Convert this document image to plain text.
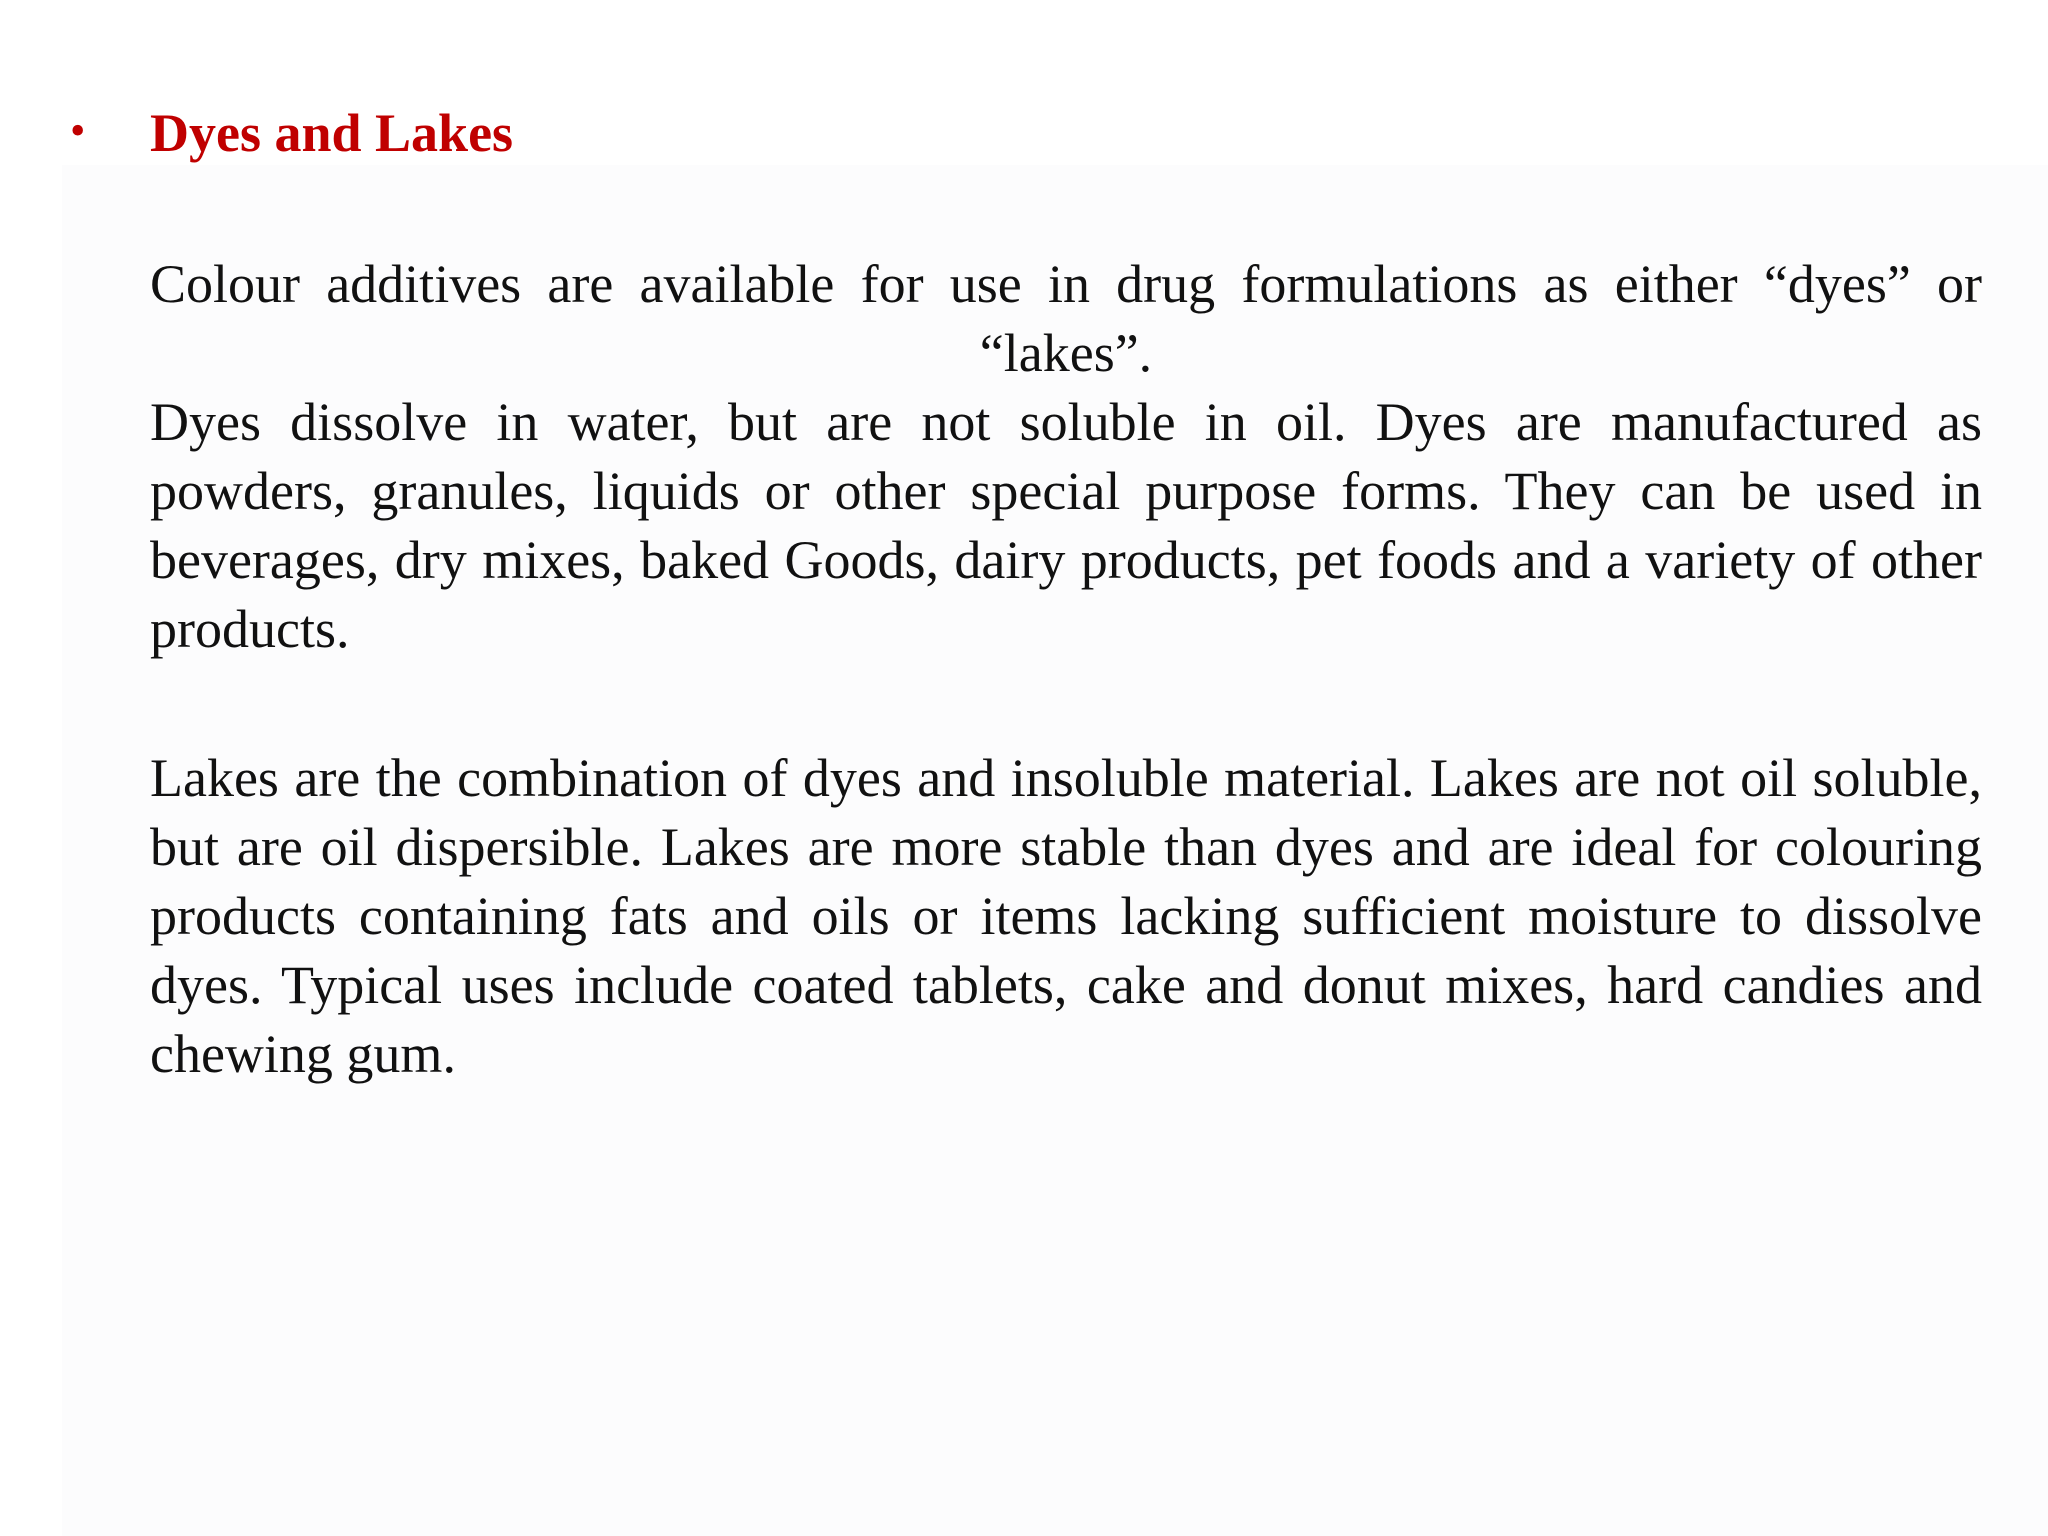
•	Dyes and Lakes

Colour additives are available for use in drug formulations as either “dyes” or “lakes”.

Dyes dissolve in water, but are not soluble in oil. Dyes are manufactured as powders, granules, liquids or other special purpose forms. They can be used in beverages, dry mixes, baked Goods, dairy products, pet foods and a variety of other products.

Lakes are the combination of dyes and insoluble material. Lakes are not oil soluble, but are oil dispersible. Lakes are more stable than dyes and are ideal for colouring products containing fats and oils or items lacking sufficient moisture to dissolve dyes. Typical uses include coated tablets, cake and donut mixes, hard candies and chewing gum.
